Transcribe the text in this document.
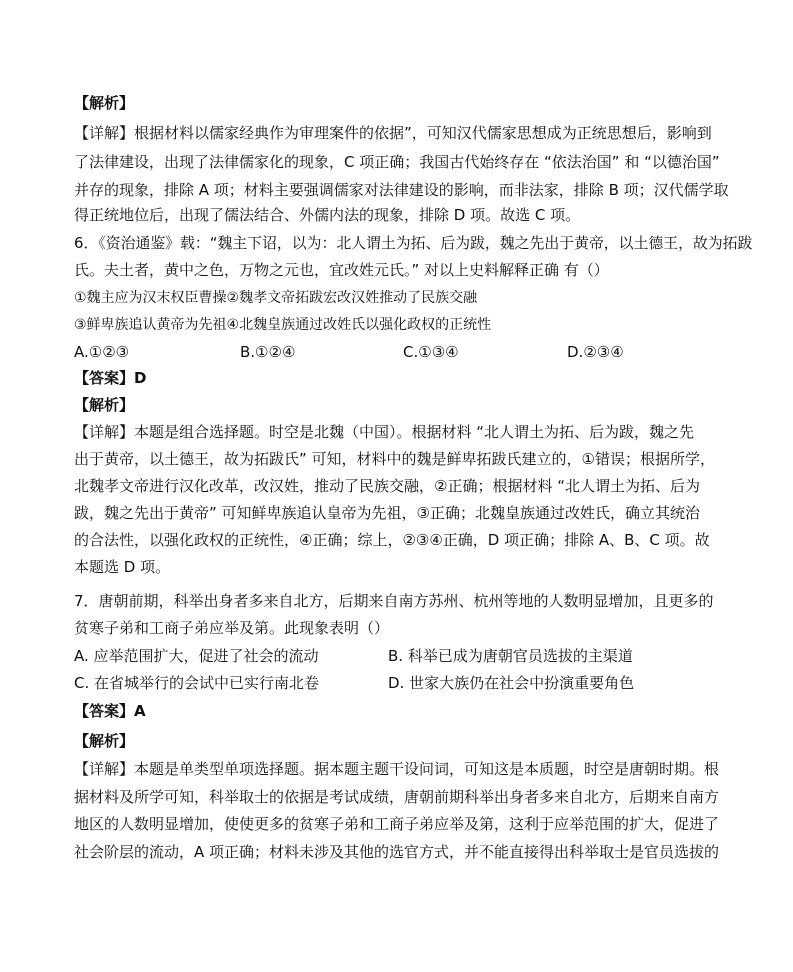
【解析】
【详解】根据材料以儒家经典作为审理案件的依据”，可知汉代儒家思想成为正统思想后，影响到
了法律建设，出现了法律儒家化的现象，C 项正确；我国古代始终存在 “依法治国” 和 “以德治国”
并存的现象，排除 A 项；材料主要强调儒家对法律建设的影响，而非法家，排除 B 项；汉代儒学取
得正统地位后，出现了儒法结合、外儒内法的现象，排除 D 项。故选 C 项。
6．《资治通鉴》载：“魏主下诏，以为：北人谓土为拓、后为跋，魏之先出于黄帝，以土德王，故为拓跋
氏。夫土者，黄中之色，万物之元也，宜改姓元氏。” 对以上史料解释正确 有（）
①魏主应为汉末权臣曹操②魏孝文帝拓跋宏改汉姓推动了民族交融
③鲜卑族追认黄帝为先祖④北魏皇族通过改姓氏以强化政权的正统性
A.①②③	B.①②④	C.①③④	D.②③④
【答案】D
【解析】
【详解】本题是组合选择题。时空是北魏（中国）。根据材料 “北人谓土为拓、后为跋，魏之先
出于黄帝，以土德王，故为拓跋氏” 可知，材料中的魏是鲜卑拓跋氏建立的，①错误；根据所学，
北魏孝文帝进行汉化改革，改汉姓，推动了民族交融，②正确；根据材料 “北人谓土为拓、后为
跋，魏之先出于黄帝” 可知鲜卑族追认皇帝为先祖，③正确；北魏皇族通过改姓氏，确立其统治
的合法性，以强化政权的正统性，④正确；综上，②③④正确，D 项正确；排除 A、B、C 项。故
本题选 D 项。
7．唐朝前期，科举出身者多来自北方，后期来自南方苏州、杭州等地的人数明显增加，且更多的
贫寒子弟和工商子弟应举及第。此现象表明（）
A. 应举范围扩大，促进了社会的流动	B. 科举已成为唐朝官员选拔的主渠道
C. 在省城举行的会试中已实行南北卷	D. 世家大族仍在社会中扮演重要角色
【答案】A
【解析】
【详解】本题是单类型单项选择题。据本题主题干设问词，可知这是本质题，时空是唐朝时期。根
据材料及所学可知，科举取士的依据是考试成绩，唐朝前期科举出身者多来自北方，后期来自南方
地区的人数明显增加，使使更多的贫寒子弟和工商子弟应举及第，这利于应举范围的扩大，促进了
社会阶层的流动，A 项正确；材料未涉及其他的选官方式，并不能直接得出科举取士是官员选拔的
